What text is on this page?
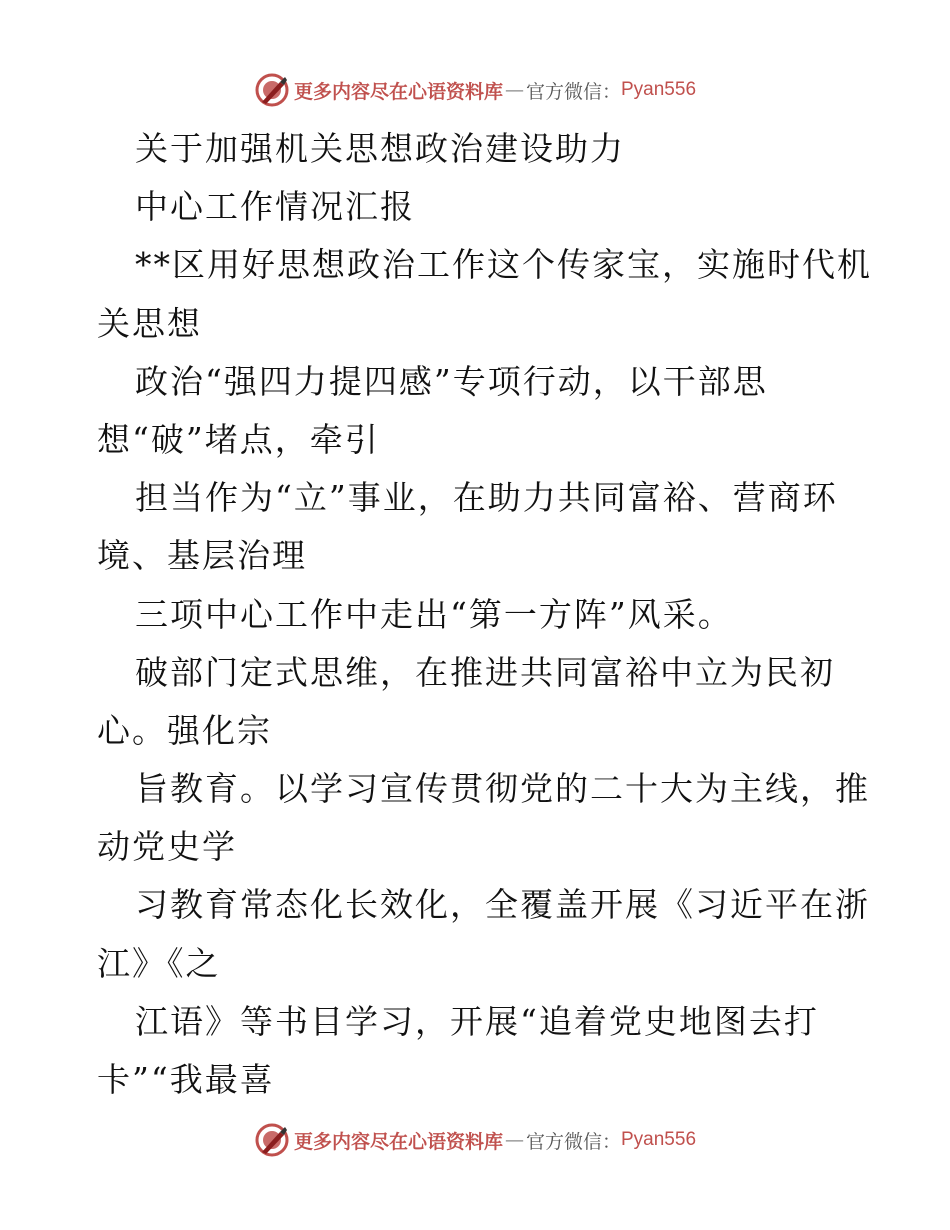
更多内容尽在心语资料库 — 官方微信： Pyan556
关于加强机关思想政治建设助力
中心工作情况汇报
**区用好思想政治工作这个传家宝，实施时代机
关思想
政治“强四力提四感”专项行动，以干部思
想“破”堵点，牵引
担当作为“立”事业，在助力共同富裕、营商环
境、基层治理
三项中心工作中走出“第一方阵”风采。
破部门定式思维，在推进共同富裕中立为民初
心。强化宗
旨教育。以学习宣传贯彻党的二十大为主线，推
动党史学
习教育常态化长效化，全覆盖开展《习近平在浙
江》《之
江语》等书目学习，开展“追着党史地图去打
卡”“我最喜
更多内容尽在心语资料库 — 官方微信： Pyan556
